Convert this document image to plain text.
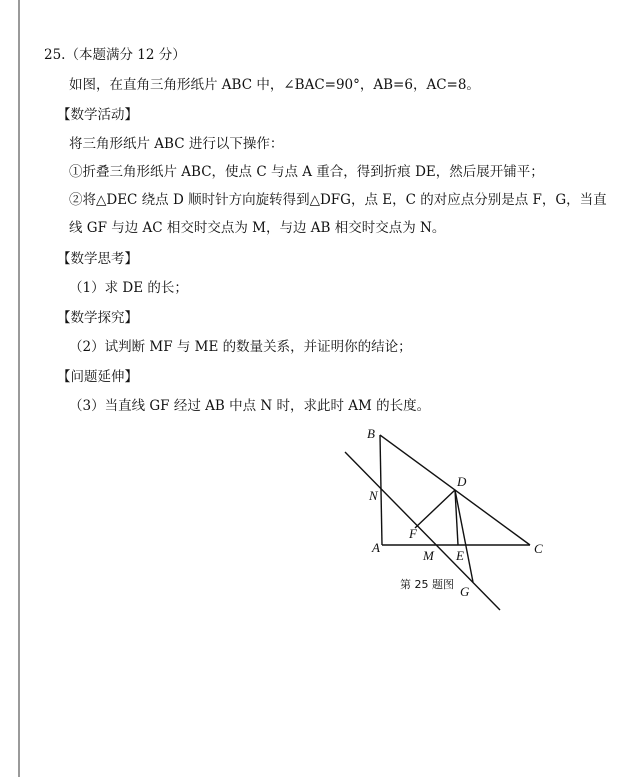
25.（本题满分 12 分）
如图，在直角三角形纸片 ABC 中，∠BAC=90°，AB=6，AC=8。
【数学活动】
将三角形纸片 ABC 进行以下操作：
①折叠三角形纸片 ABC，使点 C 与点 A 重合，得到折痕 DE，然后展开铺平；
②将△DEC 绕点 D 顺时针方向旋转得到△DFG，点 E，C 的对应点分别是点 F，G，当直
线 GF 与边 AC 相交时交点为 M，与边 AB 相交时交点为 N。
【数学思考】
（1）求 DE 的长；
【数学探究】
（2）试判断 MF 与 ME 的数量关系，并证明你的结论；
【问题延伸】
（3）当直线 GF 经过 AB 中点 N 时，求此时 AM 的长度。
B
D
N
F
A
M E	C
G
第 25 题图
